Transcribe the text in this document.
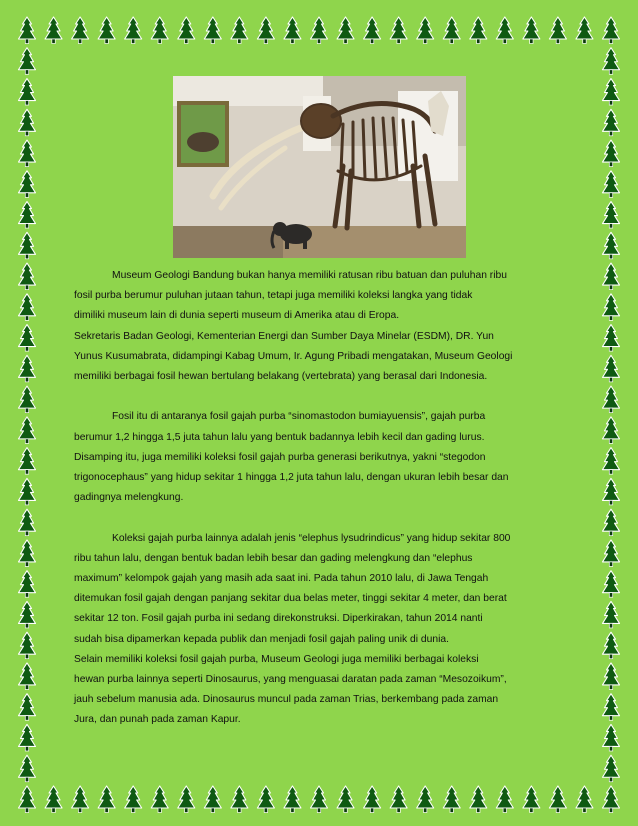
Museum Geologi Bandung bukan hanya memiliki ratusan ribu batuan dan puluhan ribu

fosil purba berumur puluhan jutaan tahun, tetapi juga memiliki koleksi langka yang tidak

dimiliki museum lain di dunia seperti museum di Amerika atau di Eropa.

Sekretaris Badan Geologi, Kementerian Energi dan Sumber Daya Minelar (ESDM), DR. Yun

Yunus Kusumabrata, didampingi Kabag Umum, Ir. Agung Pribadi mengatakan, Museum Geologi

memiliki berbagai fosil hewan bertulang belakang (vertebrata) yang berasal dari Indonesia.

Fosil itu di antaranya fosil gajah purba “sinomastodon bumiayuensis”, gajah purba

berumur 1,2 hingga 1,5 juta tahun lalu yang bentuk badannya lebih kecil dan gading lurus.

Disamping itu, juga memiliki koleksi fosil gajah purba generasi berikutnya, yakni “stegodon

trigonocephaus” yang hidup sekitar 1 hingga 1,2 juta tahun lalu, dengan ukuran lebih besar dan

gadingnya melengkung.

Koleksi gajah purba lainnya adalah jenis “elephus lysudrindicus” yang hidup sekitar 800

ribu tahun lalu, dengan bentuk badan lebih besar dan gading melengkung dan “elephus

maximum” kelompok gajah yang masih ada saat ini. Pada tahun 2010 lalu, di Jawa Tengah

ditemukan fosil gajah dengan panjang sekitar dua belas meter, tinggi sekitar 4 meter, dan berat

sekitar 12 ton. Fosil gajah purba ini sedang direkonstruksi. Diperkirakan, tahun 2014 nanti

sudah bisa dipamerkan kepada publik dan menjadi fosil gajah paling unik di dunia.

Selain memiliki koleksi fosil gajah purba, Museum Geologi juga memiliki berbagai koleksi

hewan purba lainnya seperti Dinosaurus, yang menguasai daratan pada zaman “Mesozoikum”,

jauh sebelum manusia ada. Dinosaurus muncul pada zaman Trias, berkembang pada zaman

Jura, dan punah pada zaman Kapur.
